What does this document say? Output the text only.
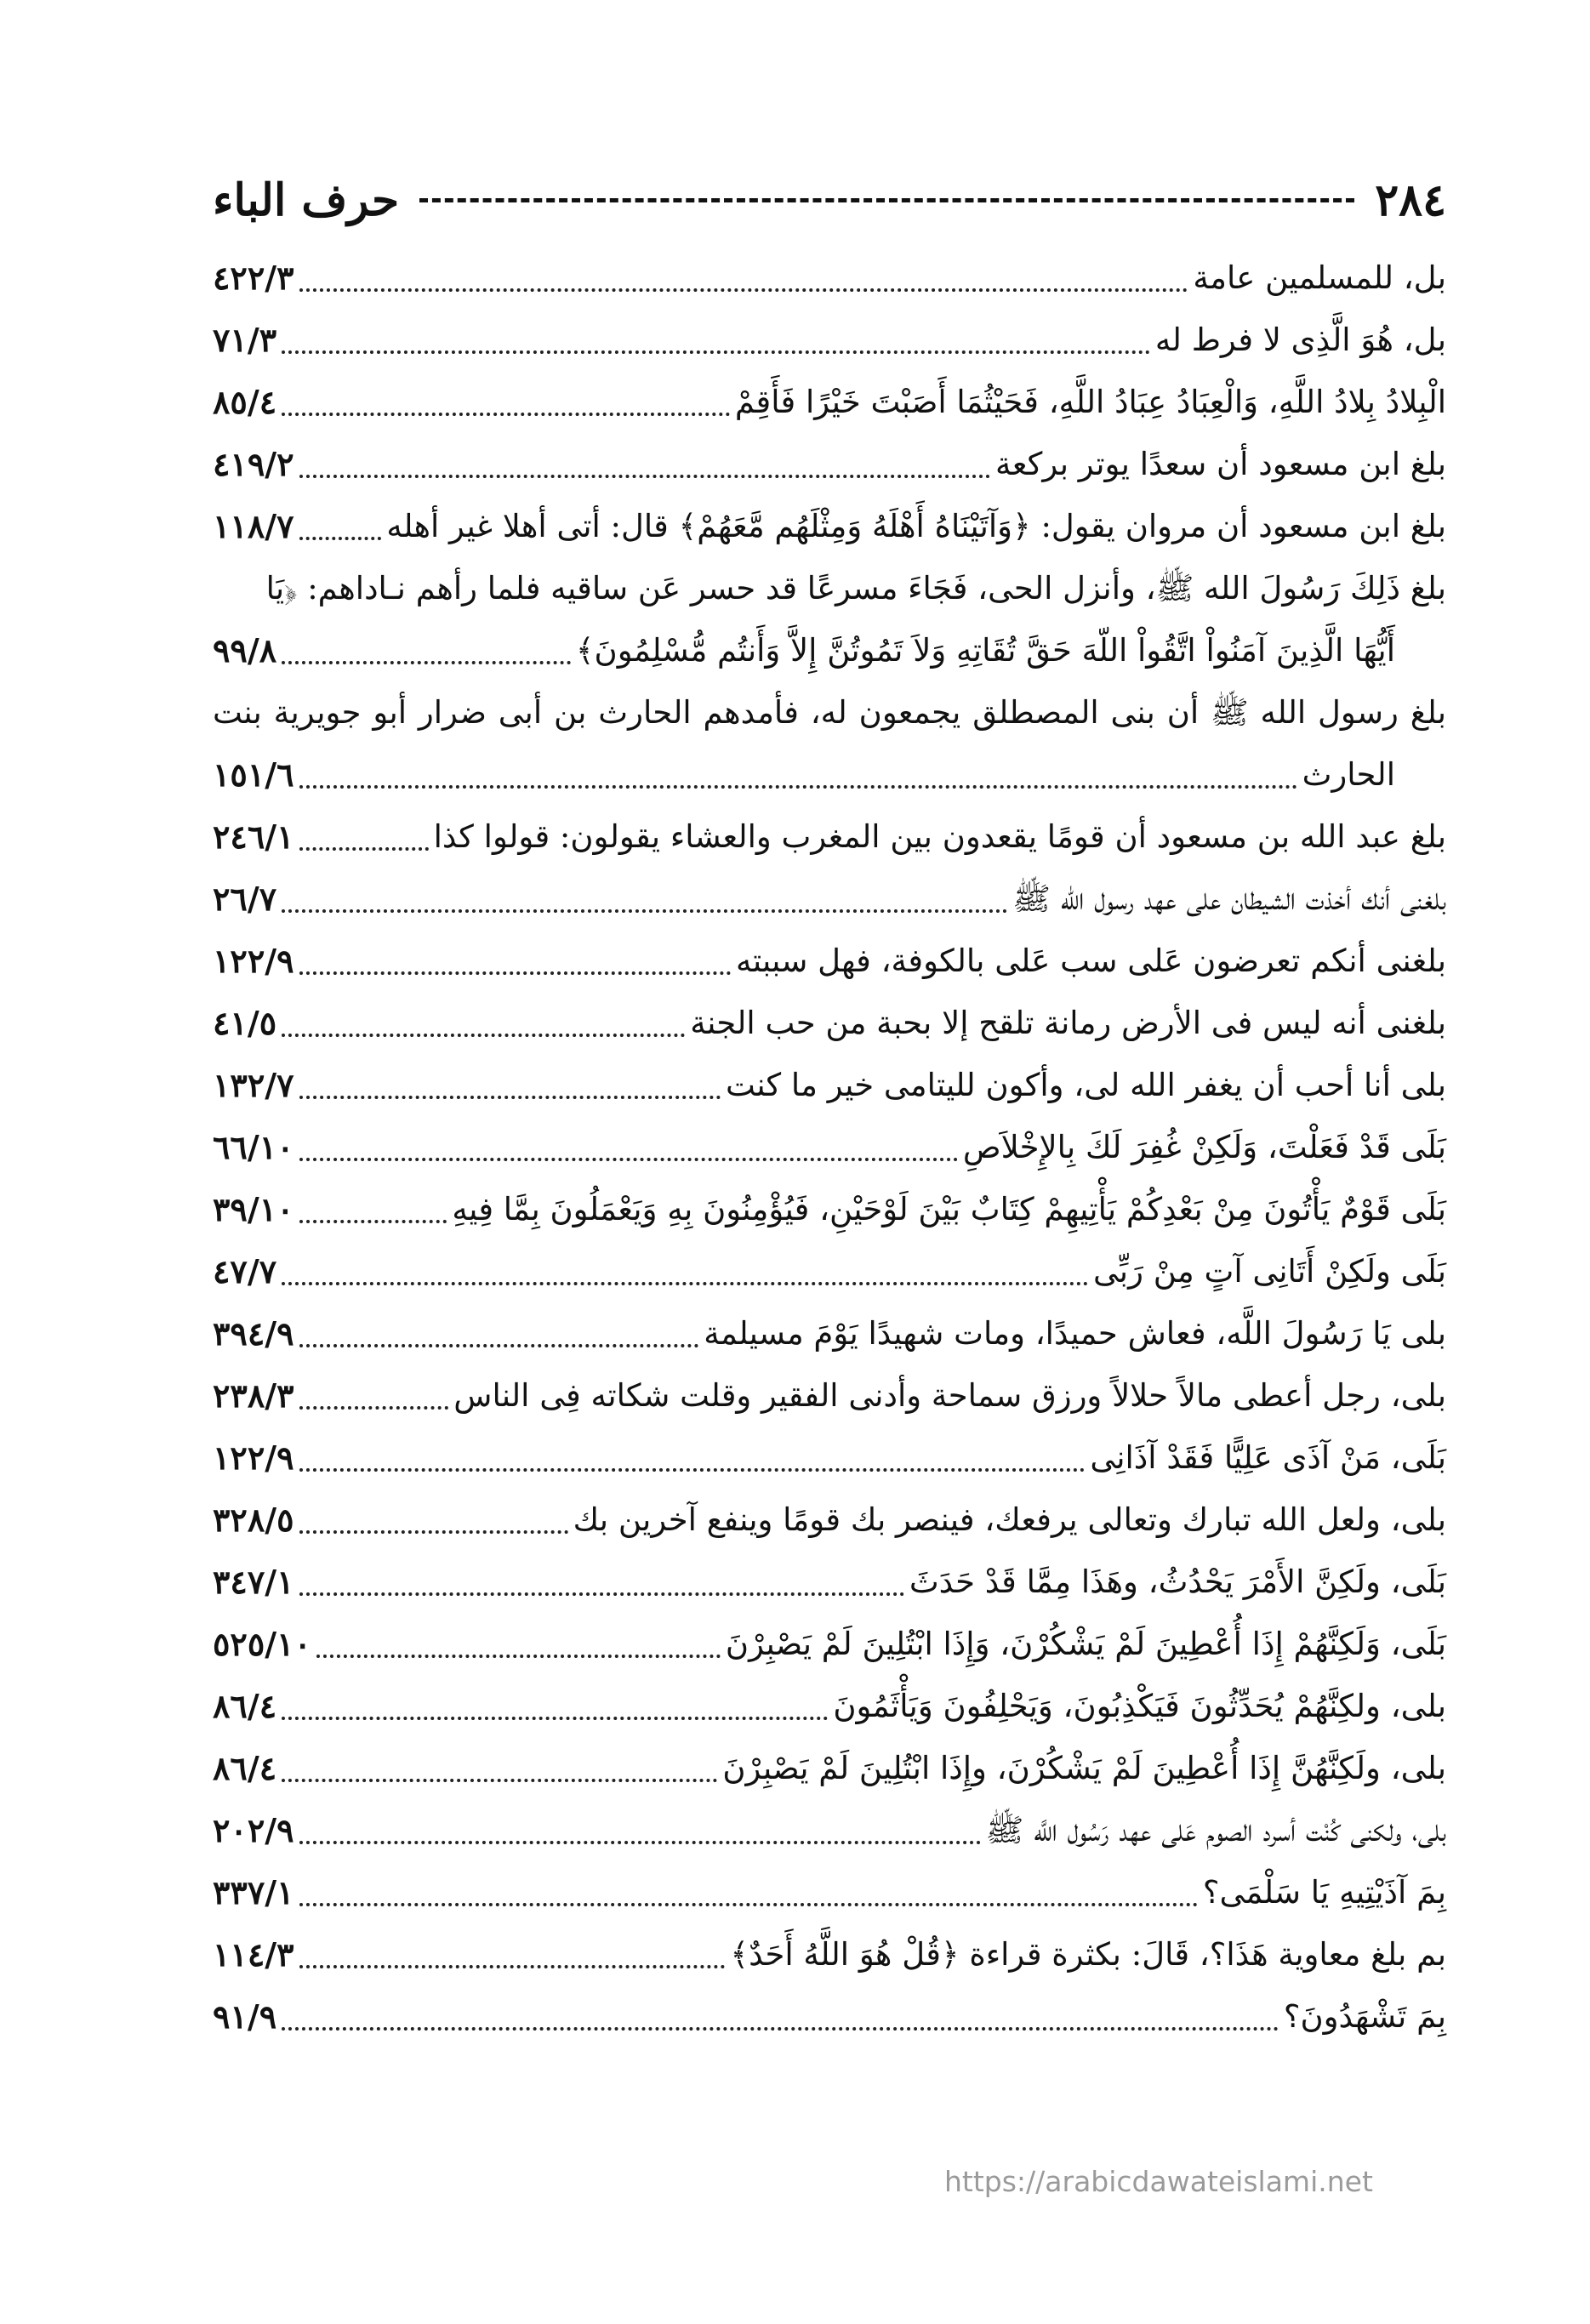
٢٨٤
حرف الباء
بل، للمسلمين عامة
٤٢٢/٣
بل، هُوَ الَّذِى لا فرط له
٧١/٣
الْبِلادُ بِلادُ اللَّهِ، وَالْعِبَادُ عِبَادُ اللَّهِ، فَحَيْثُمَا أَصَبْتَ خَيْرًا فَأَقِمْ
٨٥/٤
بلغ ابن مسعود أن سعدًا يوتر بركعة
٤١٩/٢
بلغ ابن مسعود أن مروان يقول: ﴿وَآتَيْنَاهُ أَهْلَهُ وَمِثْلَهُم مَّعَهُمْ﴾ قال: أتى أهلا غير أهله
١١٨/٧
بلغ ذَلِكَ رَسُولَ الله ﷺ، وأنزل الحى، فَجَاءَ مسرعًا قد حسر عَن ساقيه فلما رأهم نـاداهم: ﴿يَا
أَيُّهَا الَّذِينَ آمَنُواْ اتَّقُواْ اللّهَ حَقَّ تُقَاتِهِ وَلاَ تَمُوتُنَّ إِلاَّ وَأَنتُم مُّسْلِمُونَ﴾
٩٩/٨
بلغ
رسول
الله
ﷺ
أن
بنى
المصطلق
يجمعون
له،
فأمدهم
الحارث
بن
أبى
ضرار
أبو
جويرية
بنت
الحارث
١٥١/٦
بلغ عبد الله بن مسعود أن قومًا يقعدون بين المغرب والعشاء يقولون: قولوا كذا
٢٤٦/١
بلغنى أنك أخذت الشيطان على عهد رسول الله ﷺ
٢٦/٧
بلغنى أنكم تعرضون عَلى سب عَلى بالكوفة، فهل سببته
١٢٢/٩
بلغنى أنه ليس فى الأرض رمانة تلقح إلا بحبة من حب الجنة
٤١/٥
بلى أنا أحب أن يغفر الله لى، وأكون لليتامى خير ما كنت
١٣٢/٧
بَلَى قَدْ فَعَلْتَ، وَلَكِنْ غُفِرَ لَكَ بِالإِخْلاَصِ
٦٦/١٠
بَلَى قَوْمٌ يَأْتُونَ مِنْ بَعْدِكُمْ يَأْتِيهِمْ كِتَابٌ بَيْنَ لَوْحَيْنِ، فَيُؤْمِنُونَ بِهِ وَيَعْمَلُونَ بِمَّا فِيهِ
٣٩/١٠
بَلَى ولَكِنْ أَتَانِى آتٍ مِنْ رَبِّى
٤٧/٧
بلى يَا رَسُولَ اللَّه، فعاش حميدًا، ومات شهيدًا يَوْمَ مسيلمة
٣٩٤/٩
بلى، رجل أعطى مالاً حلالاً ورزق سماحة وأدنى الفقير وقلت شكاته فِى الناس
٢٣٨/٣
بَلَى، مَنْ آذَى عَلِيًّا فَقَدْ آذَانِى
١٢٢/٩
بلى، ولعل الله تبارك وتعالى يرفعك، فينصر بك قومًا وينفع آخرين بك
٣٢٨/٥
بَلَى، ولَكِنَّ الأَمْرَ يَحْدُثُ، وهَذَا مِمَّا قَدْ حَدَثَ
٣٤٧/١
بَلَى، وَلَكِنَّهُمْ إِذَا أُعْطِينَ لَمْ يَشْكُرْنَ، وَإِذَا ابْتُلِينَ لَمْ يَصْبِرْنَ
٥٢٥/١٠
بلى، ولكِنَّهُمْ يُحَدِّثُونَ فَيَكْذِبُونَ، وَيَحْلِفُونَ وَيَأْثَمُونَ
٨٦/٤
بلى، ولَكِنَّهُنَّ إِذَا أُعْطِينَ لَمْ يَشْكُرْنَ، وإِذَا ابْتُلِينَ لَمْ يَصْبِرْنَ
٨٦/٤
بلى، ولكنى كُنْت أسرد الصوم عَلى عهد رَسُول اللَّه ﷺ
٢٠٢/٩
بِمَ آذَيْتِيهِ يَا سَلْمَى؟
٣٣٧/١
بم بلغ معاوية هَذَا؟، قَالَ: بكثرة قراءة ﴿قُلْ هُوَ اللَّهُ أَحَدٌ﴾
١١٤/٣
بِمَ تَشْهَدُونَ؟
٩١/٩
https://arabicdawateislami.net
